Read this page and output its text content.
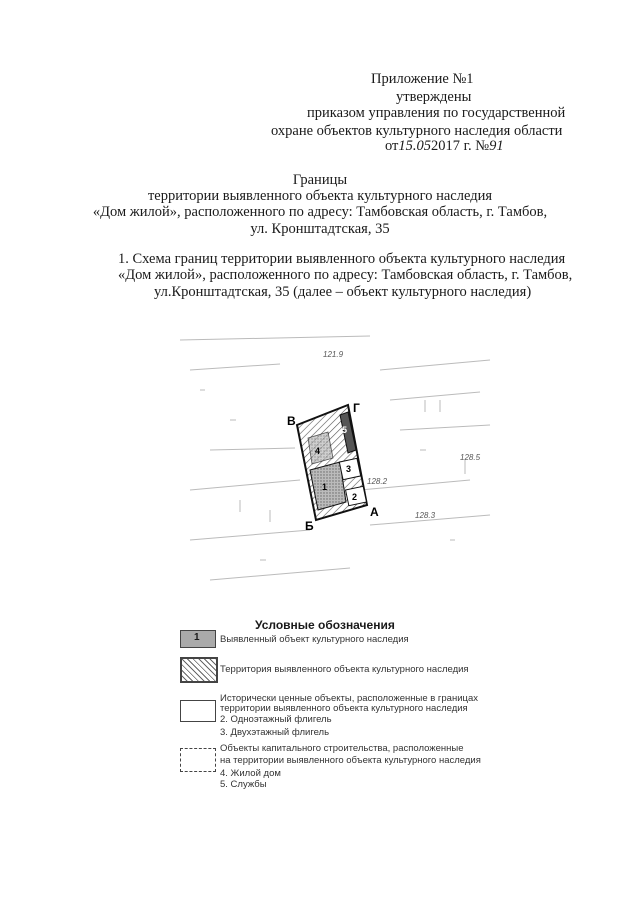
Приложение №1
утверждены
приказом управления по государственной
охране объектов культурного наследия области
от15.052017 г. №91
Границы
территории выявленного объекта культурного наследия
«Дом жилой», расположенного по адресу: Тамбовская область, г. Тамбов,
ул. Кронштадтская, 35
1. Схема границ территории выявленного объекта культурного наследия
«Дом жилой», расположенного по адресу: Тамбовская область, г. Тамбов,
ул.Кронштадтская, 35 (далее – объект культурного наследия)
В
Г
Б
А
121.9
128.5
128.2
128.3
1
2
3
4
5
Условные обозначения
1 Выявленный объект культурного наследия
Территория выявленного объекта культурного наследия
Исторически ценные объекты, расположенные в границах
территории выявленного объекта культурного наследия
2. Одноэтажный флигель
3. Двухэтажный флигель
Объекты капитального строительства, расположенные
на территории выявленного объекта культурного наследия
4. Жилой дом
5. Службы
